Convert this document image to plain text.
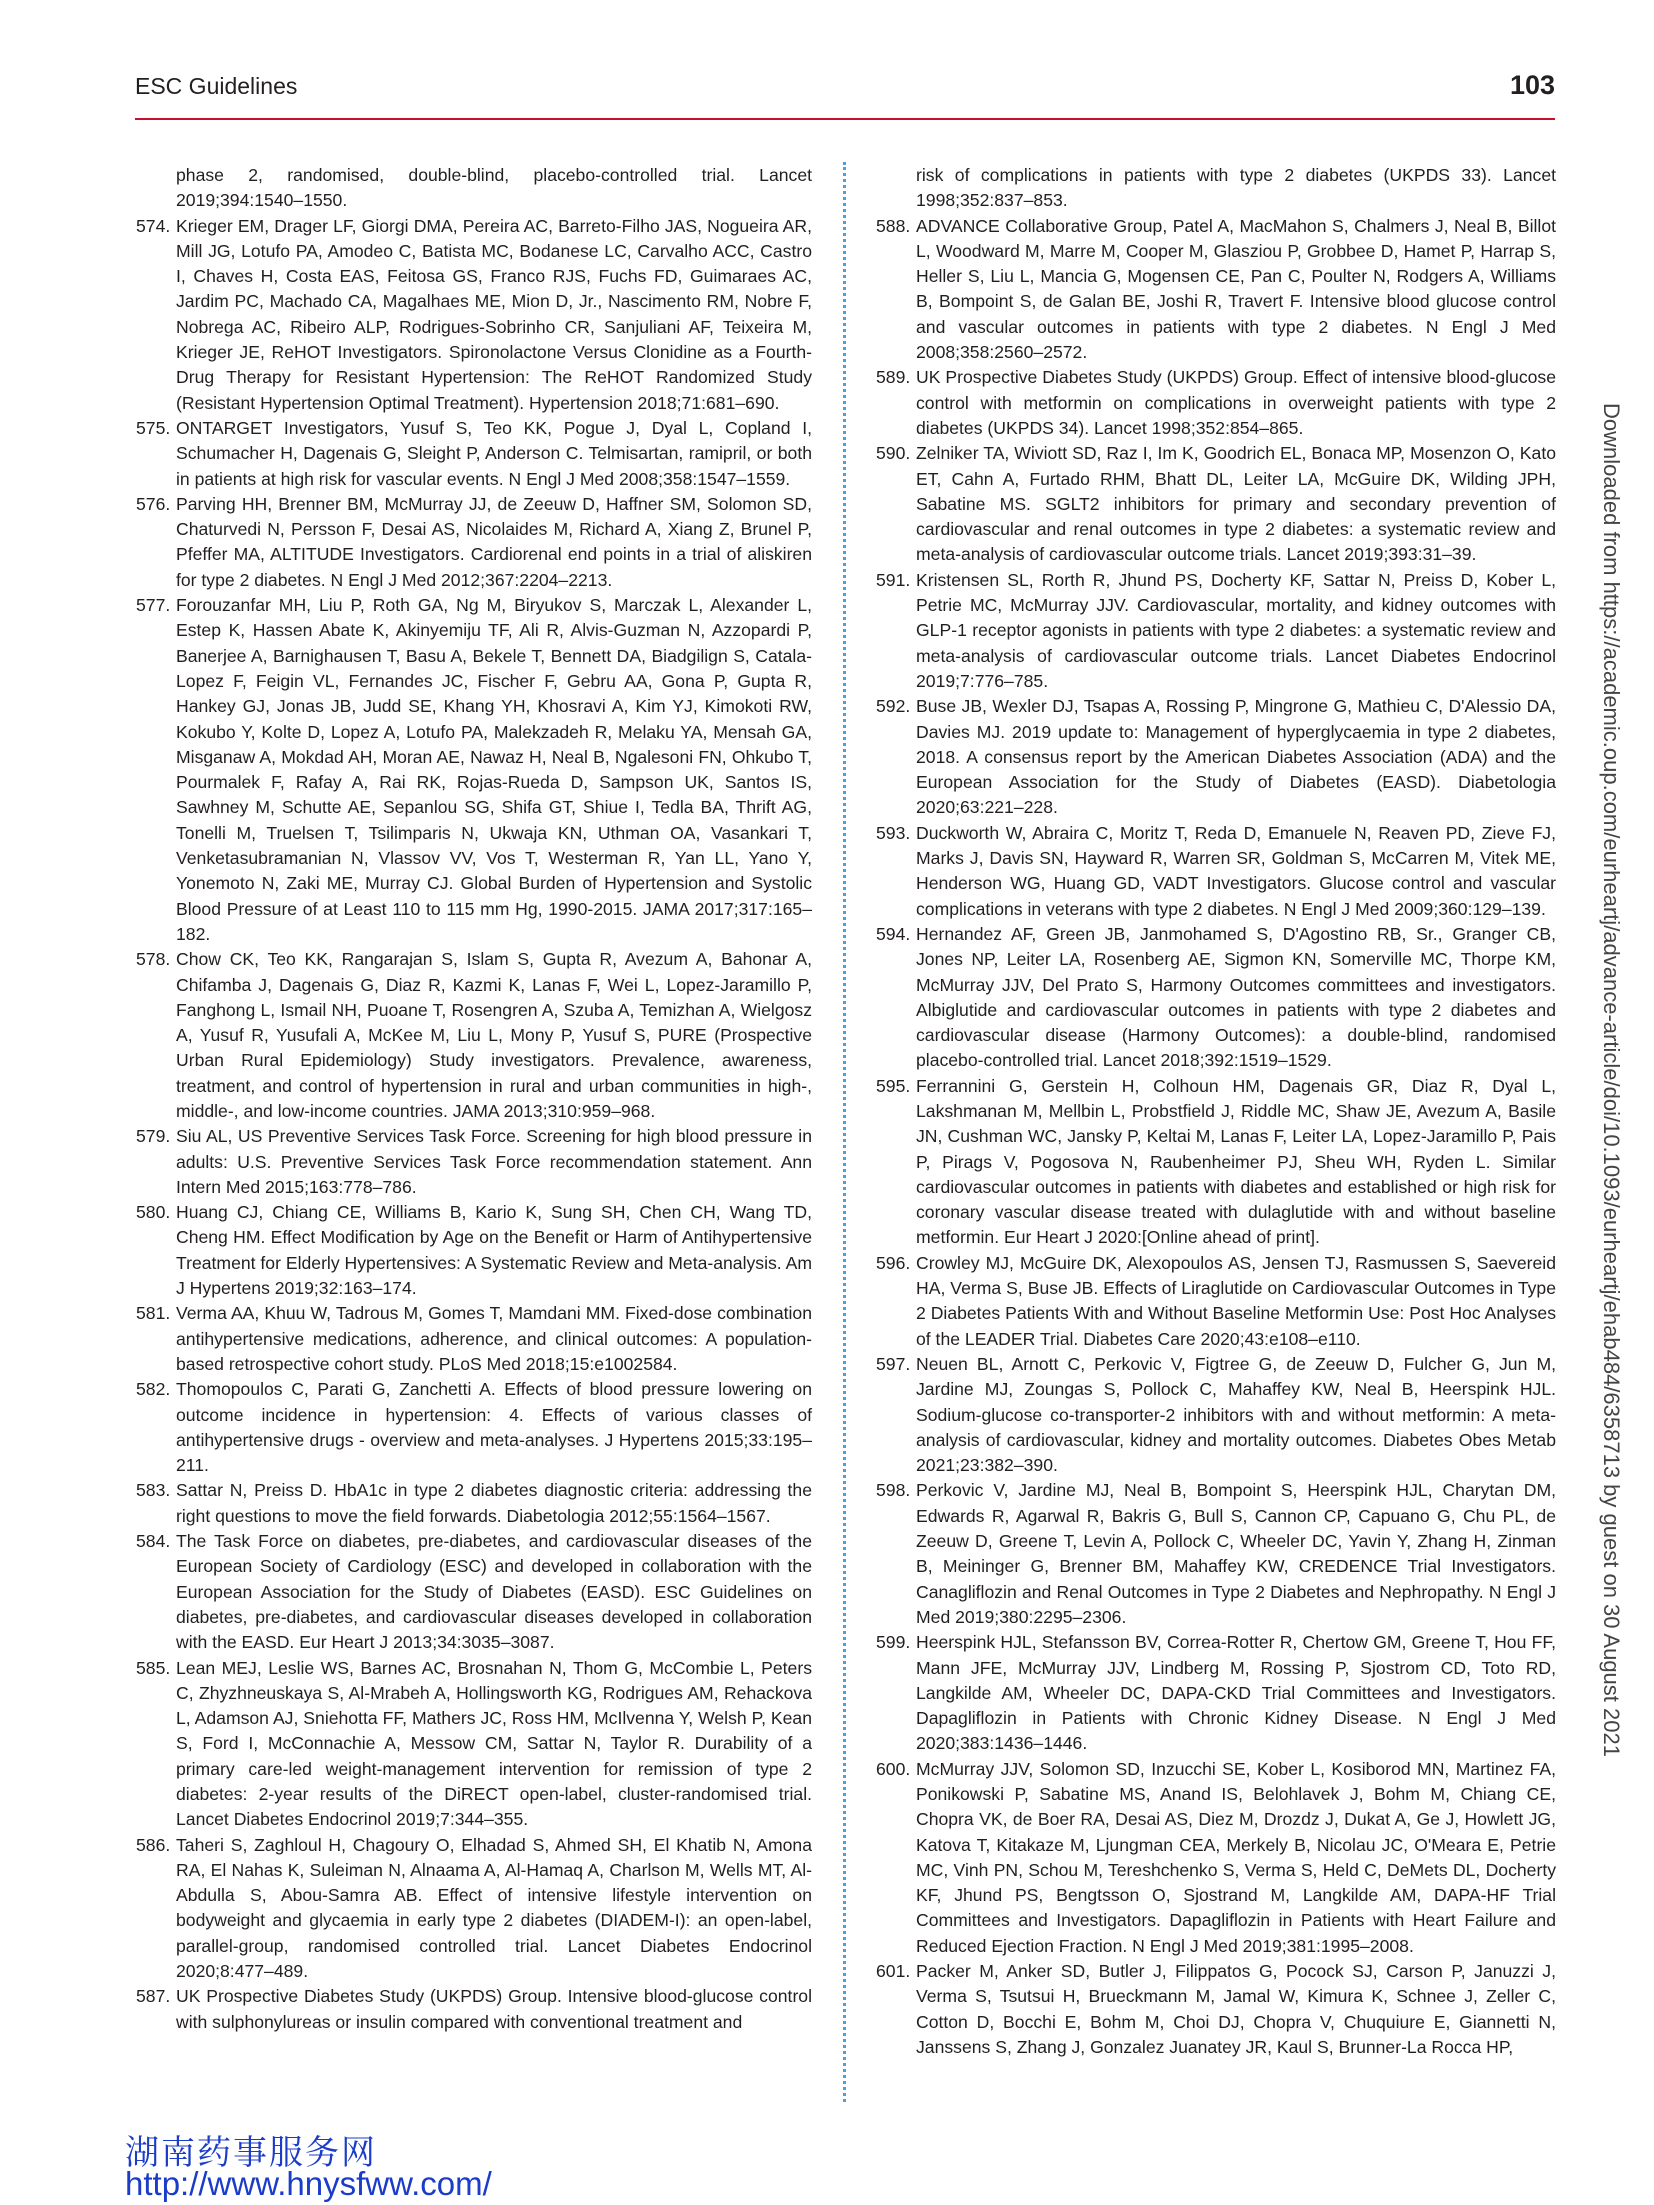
ESC Guidelines	103
phase 2, randomised, double-blind, placebo-controlled trial. Lancet 2019;394:1540–1550.
574. Krieger EM, Drager LF, Giorgi DMA, Pereira AC, Barreto-Filho JAS, Nogueira AR, Mill JG, Lotufo PA, Amodeo C, Batista MC, Bodanese LC, Carvalho ACC, Castro I, Chaves H, Costa EAS, Feitosa GS, Franco RJS, Fuchs FD, Guimaraes AC, Jardim PC, Machado CA, Magalhaes ME, Mion D, Jr., Nascimento RM, Nobre F, Nobrega AC, Ribeiro ALP, Rodrigues-Sobrinho CR, Sanjuliani AF, Teixeira M, Krieger JE, ReHOT Investigators. Spironolactone Versus Clonidine as a Fourth-Drug Therapy for Resistant Hypertension: The ReHOT Randomized Study (Resistant Hypertension Optimal Treatment). Hypertension 2018;71:681–690.
575. ONTARGET Investigators, Yusuf S, Teo KK, Pogue J, Dyal L, Copland I, Schumacher H, Dagenais G, Sleight P, Anderson C. Telmisartan, ramipril, or both in patients at high risk for vascular events. N Engl J Med 2008;358:1547–1559.
576. Parving HH, Brenner BM, McMurray JJ, de Zeeuw D, Haffner SM, Solomon SD, Chaturvedi N, Persson F, Desai AS, Nicolaides M, Richard A, Xiang Z, Brunel P, Pfeffer MA, ALTITUDE Investigators. Cardiorenal end points in a trial of aliskiren for type 2 diabetes. N Engl J Med 2012;367:2204–2213.
577. Forouzanfar MH, Liu P, Roth GA, Ng M, Biryukov S, Marczak L, Alexander L, Estep K, Hassen Abate K, Akinyemiju TF, Ali R, Alvis-Guzman N, Azzopardi P, Banerjee A, Barnighausen T, Basu A, Bekele T, Bennett DA, Biadgilign S, Catala-Lopez F, Feigin VL, Fernandes JC, Fischer F, Gebru AA, Gona P, Gupta R, Hankey GJ, Jonas JB, Judd SE, Khang YH, Khosravi A, Kim YJ, Kimokoti RW, Kokubo Y, Kolte D, Lopez A, Lotufo PA, Malekzadeh R, Melaku YA, Mensah GA, Misganaw A, Mokdad AH, Moran AE, Nawaz H, Neal B, Ngalesoni FN, Ohkubo T, Pourmalek F, Rafay A, Rai RK, Rojas-Rueda D, Sampson UK, Santos IS, Sawhney M, Schutte AE, Sepanlou SG, Shifa GT, Shiue I, Tedla BA, Thrift AG, Tonelli M, Truelsen T, Tsilimparis N, Ukwaja KN, Uthman OA, Vasankari T, Venketasubramanian N, Vlassov VV, Vos T, Westerman R, Yan LL, Yano Y, Yonemoto N, Zaki ME, Murray CJ. Global Burden of Hypertension and Systolic Blood Pressure of at Least 110 to 115 mm Hg, 1990-2015. JAMA 2017;317:165–182.
578. Chow CK, Teo KK, Rangarajan S, Islam S, Gupta R, Avezum A, Bahonar A, Chifamba J, Dagenais G, Diaz R, Kazmi K, Lanas F, Wei L, Lopez-Jaramillo P, Fanghong L, Ismail NH, Puoane T, Rosengren A, Szuba A, Temizhan A, Wielgosz A, Yusuf R, Yusufali A, McKee M, Liu L, Mony P, Yusuf S, PURE (Prospective Urban Rural Epidemiology) Study investigators. Prevalence, awareness, treatment, and control of hypertension in rural and urban communities in high-, middle-, and low-income countries. JAMA 2013;310:959–968.
579. Siu AL, US Preventive Services Task Force. Screening for high blood pressure in adults: U.S. Preventive Services Task Force recommendation statement. Ann Intern Med 2015;163:778–786.
580. Huang CJ, Chiang CE, Williams B, Kario K, Sung SH, Chen CH, Wang TD, Cheng HM. Effect Modification by Age on the Benefit or Harm of Antihypertensive Treatment for Elderly Hypertensives: A Systematic Review and Meta-analysis. Am J Hypertens 2019;32:163–174.
581. Verma AA, Khuu W, Tadrous M, Gomes T, Mamdani MM. Fixed-dose combination antihypertensive medications, adherence, and clinical outcomes: A population-based retrospective cohort study. PLoS Med 2018;15:e1002584.
582. Thomopoulos C, Parati G, Zanchetti A. Effects of blood pressure lowering on outcome incidence in hypertension: 4. Effects of various classes of antihypertensive drugs - overview and meta-analyses. J Hypertens 2015;33:195–211.
583. Sattar N, Preiss D. HbA1c in type 2 diabetes diagnostic criteria: addressing the right questions to move the field forwards. Diabetologia 2012;55:1564–1567.
584. The Task Force on diabetes, pre-diabetes, and cardiovascular diseases of the European Society of Cardiology (ESC) and developed in collaboration with the European Association for the Study of Diabetes (EASD). ESC Guidelines on diabetes, pre-diabetes, and cardiovascular diseases developed in collaboration with the EASD. Eur Heart J 2013;34:3035–3087.
585. Lean MEJ, Leslie WS, Barnes AC, Brosnahan N, Thom G, McCombie L, Peters C, Zhyzhneuskaya S, Al-Mrabeh A, Hollingsworth KG, Rodrigues AM, Rehackova L, Adamson AJ, Sniehotta FF, Mathers JC, Ross HM, McIlvenna Y, Welsh P, Kean S, Ford I, McConnachie A, Messow CM, Sattar N, Taylor R. Durability of a primary care-led weight-management intervention for remission of type 2 diabetes: 2-year results of the DiRECT open-label, cluster-randomised trial. Lancet Diabetes Endocrinol 2019;7:344–355.
586. Taheri S, Zaghloul H, Chagoury O, Elhadad S, Ahmed SH, El Khatib N, Amona RA, El Nahas K, Suleiman N, Alnaama A, Al-Hamaq A, Charlson M, Wells MT, Al-Abdulla S, Abou-Samra AB. Effect of intensive lifestyle intervention on bodyweight and glycaemia in early type 2 diabetes (DIADEM-I): an open-label, parallel-group, randomised controlled trial. Lancet Diabetes Endocrinol 2020;8:477–489.
587. UK Prospective Diabetes Study (UKPDS) Group. Intensive blood-glucose control with sulphonylureas or insulin compared with conventional treatment and
risk of complications in patients with type 2 diabetes (UKPDS 33). Lancet 1998;352:837–853.
588. ADVANCE Collaborative Group, Patel A, MacMahon S, Chalmers J, Neal B, Billot L, Woodward M, Marre M, Cooper M, Glasziou P, Grobbee D, Hamet P, Harrap S, Heller S, Liu L, Mancia G, Mogensen CE, Pan C, Poulter N, Rodgers A, Williams B, Bompoint S, de Galan BE, Joshi R, Travert F. Intensive blood glucose control and vascular outcomes in patients with type 2 diabetes. N Engl J Med 2008;358:2560–2572.
589. UK Prospective Diabetes Study (UKPDS) Group. Effect of intensive blood-glucose control with metformin on complications in overweight patients with type 2 diabetes (UKPDS 34). Lancet 1998;352:854–865.
590. Zelniker TA, Wiviott SD, Raz I, Im K, Goodrich EL, Bonaca MP, Mosenzon O, Kato ET, Cahn A, Furtado RHM, Bhatt DL, Leiter LA, McGuire DK, Wilding JPH, Sabatine MS. SGLT2 inhibitors for primary and secondary prevention of cardiovascular and renal outcomes in type 2 diabetes: a systematic review and meta-analysis of cardiovascular outcome trials. Lancet 2019;393:31–39.
591. Kristensen SL, Rorth R, Jhund PS, Docherty KF, Sattar N, Preiss D, Kober L, Petrie MC, McMurray JJV. Cardiovascular, mortality, and kidney outcomes with GLP-1 receptor agonists in patients with type 2 diabetes: a systematic review and meta-analysis of cardiovascular outcome trials. Lancet Diabetes Endocrinol 2019;7:776–785.
592. Buse JB, Wexler DJ, Tsapas A, Rossing P, Mingrone G, Mathieu C, D'Alessio DA, Davies MJ. 2019 update to: Management of hyperglycaemia in type 2 diabetes, 2018. A consensus report by the American Diabetes Association (ADA) and the European Association for the Study of Diabetes (EASD). Diabetologia 2020;63:221–228.
593. Duckworth W, Abraira C, Moritz T, Reda D, Emanuele N, Reaven PD, Zieve FJ, Marks J, Davis SN, Hayward R, Warren SR, Goldman S, McCarren M, Vitek ME, Henderson WG, Huang GD, VADT Investigators. Glucose control and vascular complications in veterans with type 2 diabetes. N Engl J Med 2009;360:129–139.
594. Hernandez AF, Green JB, Janmohamed S, D'Agostino RB, Sr., Granger CB, Jones NP, Leiter LA, Rosenberg AE, Sigmon KN, Somerville MC, Thorpe KM, McMurray JJV, Del Prato S, Harmony Outcomes committees and investigators. Albiglutide and cardiovascular outcomes in patients with type 2 diabetes and cardiovascular disease (Harmony Outcomes): a double-blind, randomised placebo-controlled trial. Lancet 2018;392:1519–1529.
595. Ferrannini G, Gerstein H, Colhoun HM, Dagenais GR, Diaz R, Dyal L, Lakshmanan M, Mellbin L, Probstfield J, Riddle MC, Shaw JE, Avezum A, Basile JN, Cushman WC, Jansky P, Keltai M, Lanas F, Leiter LA, Lopez-Jaramillo P, Pais P, Pirags V, Pogosova N, Raubenheimer PJ, Sheu WH, Ryden L. Similar cardiovascular outcomes in patients with diabetes and established or high risk for coronary vascular disease treated with dulaglutide with and without baseline metformin. Eur Heart J 2020:[Online ahead of print].
596. Crowley MJ, McGuire DK, Alexopoulos AS, Jensen TJ, Rasmussen S, Saevereid HA, Verma S, Buse JB. Effects of Liraglutide on Cardiovascular Outcomes in Type 2 Diabetes Patients With and Without Baseline Metformin Use: Post Hoc Analyses of the LEADER Trial. Diabetes Care 2020;43:e108–e110.
597. Neuen BL, Arnott C, Perkovic V, Figtree G, de Zeeuw D, Fulcher G, Jun M, Jardine MJ, Zoungas S, Pollock C, Mahaffey KW, Neal B, Heerspink HJL. Sodium-glucose co-transporter-2 inhibitors with and without metformin: A meta-analysis of cardiovascular, kidney and mortality outcomes. Diabetes Obes Metab 2021;23:382–390.
598. Perkovic V, Jardine MJ, Neal B, Bompoint S, Heerspink HJL, Charytan DM, Edwards R, Agarwal R, Bakris G, Bull S, Cannon CP, Capuano G, Chu PL, de Zeeuw D, Greene T, Levin A, Pollock C, Wheeler DC, Yavin Y, Zhang H, Zinman B, Meininger G, Brenner BM, Mahaffey KW, CREDENCE Trial Investigators. Canagliflozin and Renal Outcomes in Type 2 Diabetes and Nephropathy. N Engl J Med 2019;380:2295–2306.
599. Heerspink HJL, Stefansson BV, Correa-Rotter R, Chertow GM, Greene T, Hou FF, Mann JFE, McMurray JJV, Lindberg M, Rossing P, Sjostrom CD, Toto RD, Langkilde AM, Wheeler DC, DAPA-CKD Trial Committees and Investigators. Dapagliflozin in Patients with Chronic Kidney Disease. N Engl J Med 2020;383:1436–1446.
600. McMurray JJV, Solomon SD, Inzucchi SE, Kober L, Kosiborod MN, Martinez FA, Ponikowski P, Sabatine MS, Anand IS, Belohlavek J, Bohm M, Chiang CE, Chopra VK, de Boer RA, Desai AS, Diez M, Drozdz J, Dukat A, Ge J, Howlett JG, Katova T, Kitakaze M, Ljungman CEA, Merkely B, Nicolau JC, O'Meara E, Petrie MC, Vinh PN, Schou M, Tereshchenko S, Verma S, Held C, DeMets DL, Docherty KF, Jhund PS, Bengtsson O, Sjostrand M, Langkilde AM, DAPA-HF Trial Committees and Investigators. Dapagliflozin in Patients with Heart Failure and Reduced Ejection Fraction. N Engl J Med 2019;381:1995–2008.
601. Packer M, Anker SD, Butler J, Filippatos G, Pocock SJ, Carson P, Januzzi J, Verma S, Tsutsui H, Brueckmann M, Jamal W, Kimura K, Schnee J, Zeller C, Cotton D, Bocchi E, Bohm M, Choi DJ, Chopra V, Chuquiure E, Giannetti N, Janssens S, Zhang J, Gonzalez Juanatey JR, Kaul S, Brunner-La Rocca HP,
Downloaded from https://academic.oup.com/eurheartj/advance-article/doi/10.1093/eurheartj/ehab484/6358713 by guest on 30 August 2021
湖南药事服务网
http://www.hnysfww.com/
